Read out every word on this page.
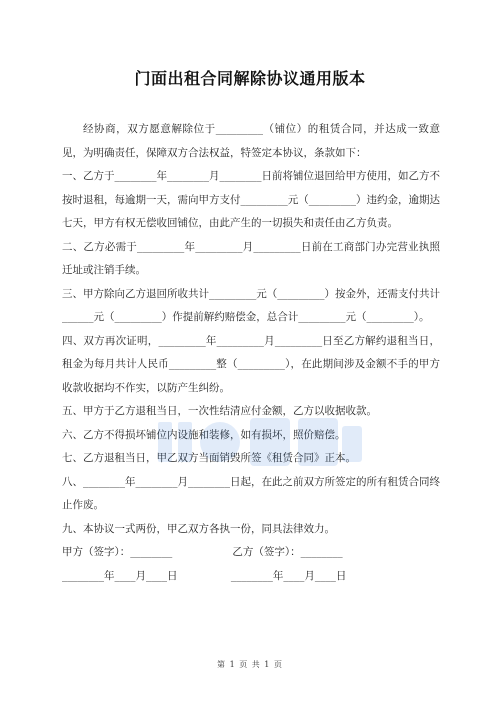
门面出租合同解除协议通用版本

经协商，双方愿意解除位于_________（铺位）的租赁合同，并达成一致意见，为明确责任，保障双方合法权益，特签定本协议，条款如下：

一、乙方于________年________月________日前将铺位退回给甲方使用，如乙方不按时退租，每逾期一天，需向甲方支付_________元（_________）违约金，逾期达七天，甲方有权无偿收回铺位，由此产生的一切损失和责任由乙方负责。

二、乙方必需于_________年_________月_________日前在工商部门办完营业执照迁址或注销手续。

三、甲方除向乙方退回所收共计_________元（_________）按金外，还需支付共计______元（_________）作提前解约赔偿金，总合计_________元（_________）。

四、双方再次证明，_________年_________月_________日至乙方解约退租当日，租金为每月共计人民币_________整（_________），在此期间涉及金额不手的甲方收款收据均不作实，以防产生纠纷。

五、甲方于乙方退租当日，一次性结清应付金额，乙方以收据收款。

六、乙方不得损坏铺位内设施和装修，如有损坏，照价赔偿。

七、乙方退租当日，甲乙双方当面销毁所签《租赁合同》正本。

八、________年________月________日起，在此之前双方所签定的所有租赁合同终止作废。

九、本协议一式两份，甲乙双方各执一份，同具法律效力。

甲方（签字）：________                  乙方（签字）：________

________年____月____日                ________年____月____日

第 1 页 共 1 页
